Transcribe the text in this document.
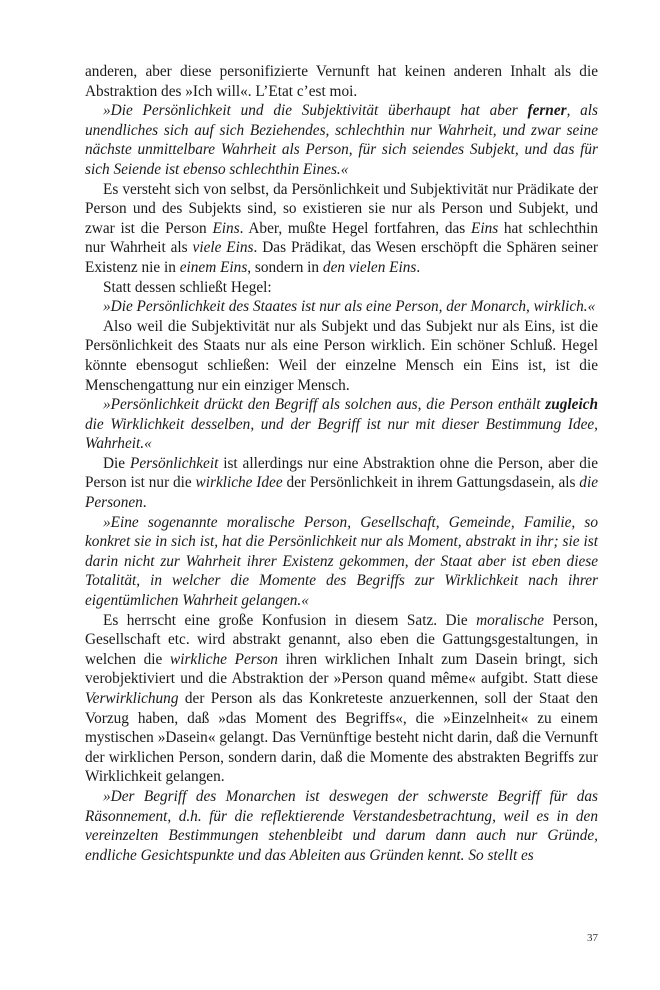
anderen, aber diese personifizierte Vernunft hat keinen anderen Inhalt als die Abstraktion des »Ich will«. L’Etat c’est moi.

»Die Persönlichkeit und die Subjektivität überhaupt hat aber ferner, als unendliches sich auf sich Beziehendes, schlechthin nur Wahrheit, und zwar seine nächste unmittelbare Wahrheit als Person, für sich seiendes Subjekt, und das für sich Seiende ist ebenso schlechthin Eines.«

Es versteht sich von selbst, da Persönlichkeit und Subjektivität nur Prädikate der Person und des Subjekts sind, so existieren sie nur als Person und Subjekt, und zwar ist die Person Eins. Aber, mußte Hegel fortfahren, das Eins hat schlechthin nur Wahrheit als viele Eins. Das Prädikat, das Wesen erschöpft die Sphären seiner Existenz nie in einem Eins, sondern in den vielen Eins.

Statt dessen schließt Hegel:

»Die Persönlichkeit des Staates ist nur als eine Person, der Monarch, wirklich.«

Also weil die Subjektivität nur als Subjekt und das Subjekt nur als Eins, ist die Persönlichkeit des Staats nur als eine Person wirklich. Ein schöner Schluß. Hegel könnte ebensogut schließen: Weil der einzelne Mensch ein Eins ist, ist die Menschengattung nur ein einziger Mensch.

»Persönlichkeit drückt den Begriff als solchen aus, die Person enthält zugleich die Wirklichkeit desselben, und der Begriff ist nur mit dieser Bestimmung Idee, Wahrheit.«

Die Persönlichkeit ist allerdings nur eine Abstraktion ohne die Person, aber die Person ist nur die wirkliche Idee der Persönlichkeit in ihrem Gattungsdasein, als die Personen.

»Eine sogenannte moralische Person, Gesellschaft, Gemeinde, Familie, so konkret sie in sich ist, hat die Persönlichkeit nur als Moment, abstrakt in ihr; sie ist darin nicht zur Wahrheit ihrer Existenz gekommen, der Staat aber ist eben diese Totalität, in welcher die Momente des Begriffs zur Wirklichkeit nach ihrer eigentümlichen Wahrheit gelangen.«

Es herrscht eine große Konfusion in diesem Satz. Die moralische Person, Gesellschaft etc. wird abstrakt genannt, also eben die Gattungsgestaltungen, in welchen die wirkliche Person ihren wirklichen Inhalt zum Dasein bringt, sich verobjektiviert und die Abstraktion der »Person quand même« aufgibt. Statt diese Verwirklichung der Person als das Konkreteste anzuerkennen, soll der Staat den Vorzug haben, daß »das Moment des Begriffs«, die »Einzelnheit« zu einem mystischen »Dasein« gelangt. Das Vernünftige besteht nicht darin, daß die Vernunft der wirklichen Person, sondern darin, daß die Momente des abstrakten Begriffs zur Wirklichkeit gelangen.

»Der Begriff des Monarchen ist deswegen der schwerste Begriff für das Räsonnement, d.h. für die reflektierende Verstandesbetrachtung, weil es in den vereinzelten Bestimmungen stehenbleibt und darum dann auch nur Gründe, endliche Gesichtspunkte und das Ableiten aus Gründen kennt. So stellt es

37
